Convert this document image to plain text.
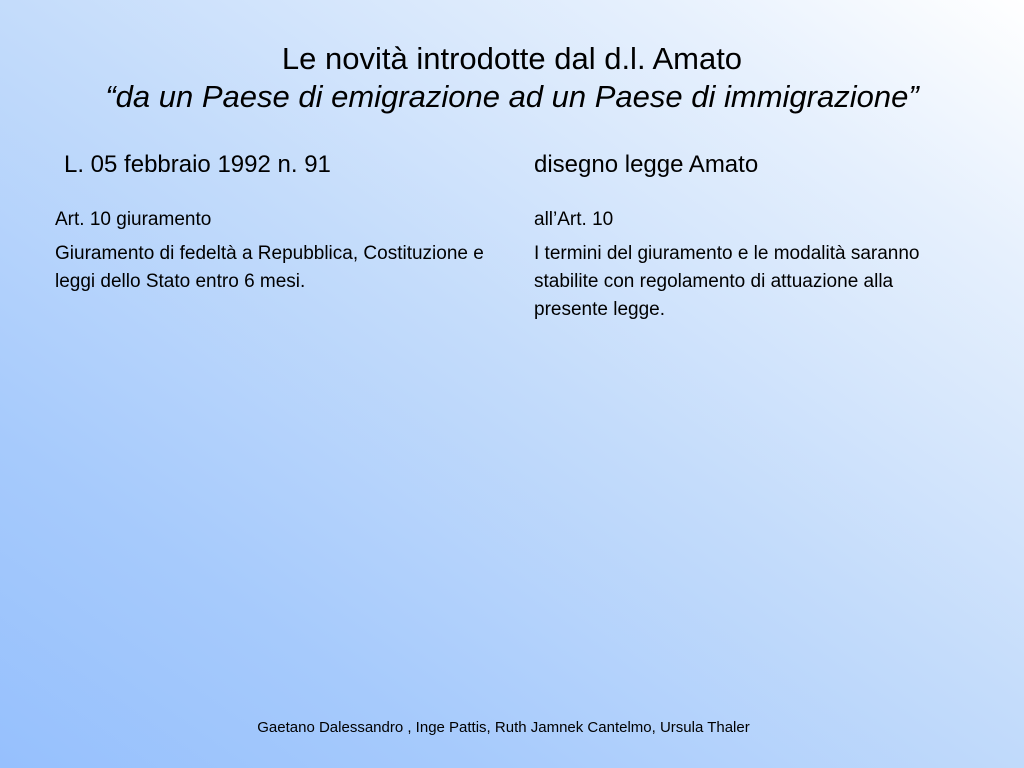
Le novità introdotte dal d.l. Amato

“da un Paese di emigrazione ad un Paese di immigrazione”

L. 05 febbraio 1992 n. 91	disegno legge Amato

Art. 10 giuramento

Giuramento di fedeltà a Repubblica, Costituzione e leggi dello Stato entro 6 mesi.

all’Art. 10

I termini del giuramento e le modalità saranno stabilite con regolamento di attuazione alla presente legge.

Gaetano Dalessandro , Inge Pattis, Ruth Jamnek Cantelmo, Ursula Thaler
